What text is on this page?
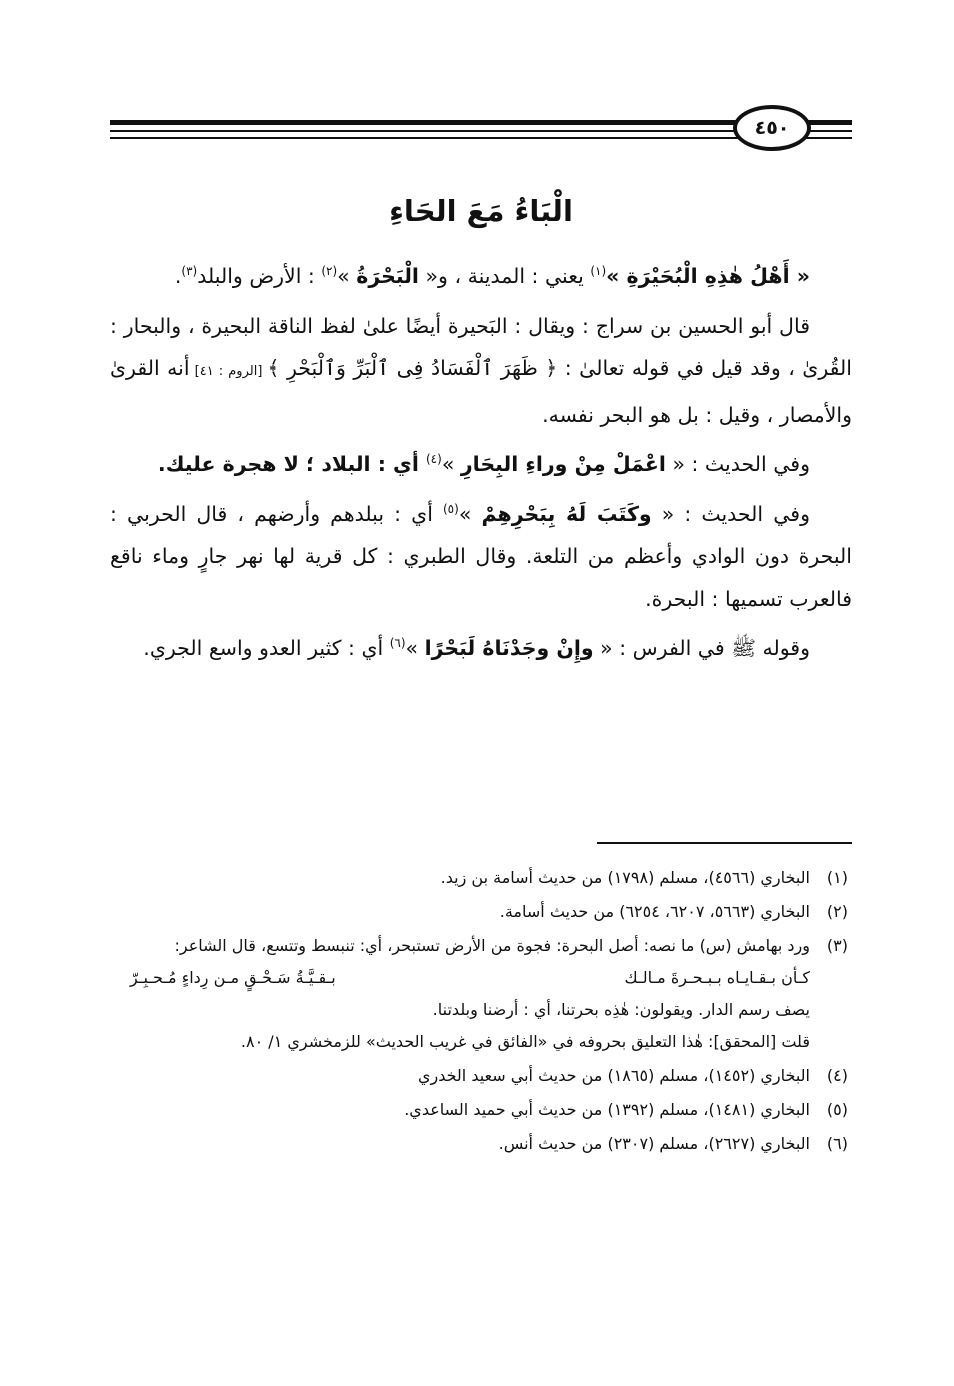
٤٥٠
الْبَاءُ مَعَ الحَاءِ

« أَهْلُ هٰذِهِ الْبُحَيْرَةِ »$^{(١)}$ يعني : المدينة ، و« الْبَحْرَةُ »$^{(٢)}$ : الأرض والبلد$^{(٣)}$.

قال أبو الحسين بن سراج : ويقال : البَحيرة أيضًا علىٰ لفظ الناقة البحيرة ، والبحار : القُرىٰ ، وقد قيل في قوله تعالىٰ : ﴿ ظَهَرَ ٱلْفَسَادُ فِى ٱلْبَرِّ وَٱلْبَحْرِ ﴾ [الروم : ٤١] أنه القرىٰ والأمصار ، وقيل : بل هو البحر نفسه.

وفي الحديث : « اعْمَلْ مِنْ وراءِ البِحَارِ »$^{(٤)}$ أي : البلاد ؛ لا هجرة عليك.

وفي الحديث : « وكَتَبَ لَهُ بِبَحْرِهِمْ »$^{(٥)}$ أي : ببلدهم وأرضهم ، قال الحربي : البحرة دون الوادي وأعظم من التلعة. وقال الطبري : كل قرية لها نهر جارٍ وماء ناقع فالعرب تسميها : البحرة.

وقوله ﷺ في الفرس : « وإِنْ وجَدْنَاهُ لَبَحْرًا »$^{(٦)}$ أي : كثير العدو واسع الجري.

(١)
البخاري (٤٥٦٦)، مسلم (١٧٩٨) من حديث أسامة بن زيد.
(٢)
البخاري (٥٦٦٣، ٦٢٠٧، ٦٢٥٤) من حديث أسامة.
(٣)
ورد بهامش (س) ما نصه: أصل البحرة: فجوة من الأرض تستبحر، أي: تنبسط وتتسع، قال الشاعر:
كـأن بـقـايـاه بـبـحـرةَ مـالـك
بـقـيَّـةُ سَـحْـقٍ مـن رِداءٍ مُـحـبِـرّ
يصف رسم الدار. ويقولون: هٰذِه بحرتنا، أي : أرضنا وبلدتنا.
قلت [المحقق]: هٰذا التعليق بحروفه في «الفائق في غريب الحديث» للزمخشري ١/ ٨٠.
(٤)
البخاري (١٤٥٢)، مسلم (١٨٦٥) من حديث أبي سعيد الخدري
(٥)
البخاري (١٤٨١)، مسلم (١٣٩٢) من حديث أبي حميد الساعدي.
(٦)
البخاري (٢٦٢٧)، مسلم (٢٣٠٧) من حديث أنس.
